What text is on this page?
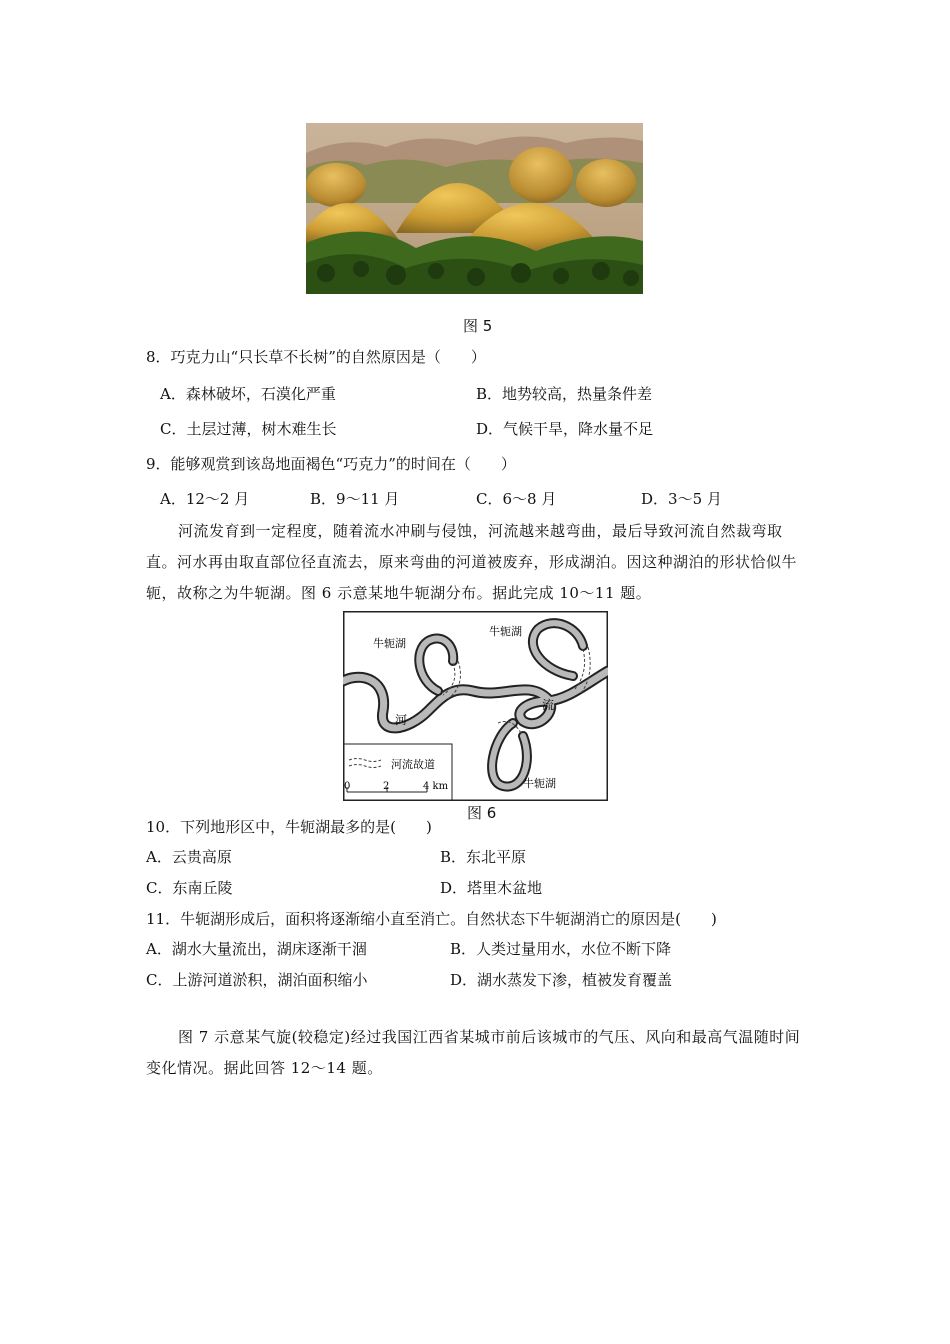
图 5
8．巧克力山“只长草不长树”的自然原因是（　　）
A．森林破坏，石漠化严重	B．地势较高，热量条件差
C．土层过薄，树木难生长	D．气候干旱，降水量不足
9．能够观赏到该岛地面褐色“巧克力”的时间在（　　）
A．12～2 月	B．9～11 月	C．6～8 月	D．3～5 月
河流发育到一定程度，随着流水冲刷与侵蚀，河流越来越弯曲，最后导致河流自然裁弯取直。河水再由取直部位径直流去，原来弯曲的河道被废弃，形成湖泊。因这种湖泊的形状恰似牛轭，故称之为牛轭湖。图 6 示意某地牛轭湖分布。据此完成 10～11 题。
牛轭湖
牛轭湖
牛轭湖
河
流
河流故道
0	2	4 km
图 6
10．下列地形区中，牛轭湖最多的是(　　)
A．云贵高原	B．东北平原
C．东南丘陵	D．塔里木盆地
11．牛轭湖形成后，面积将逐渐缩小直至消亡。自然状态下牛轭湖消亡的原因是(　　)
A．湖水大量流出，湖床逐渐干涸	B．人类过量用水，水位不断下降
C．上游河道淤积，湖泊面积缩小	D．湖水蒸发下渗，植被发育覆盖
图 7 示意某气旋(较稳定)经过我国江西省某城市前后该城市的气压、风向和最高气温随时间变化情况。据此回答 12～14 题。
